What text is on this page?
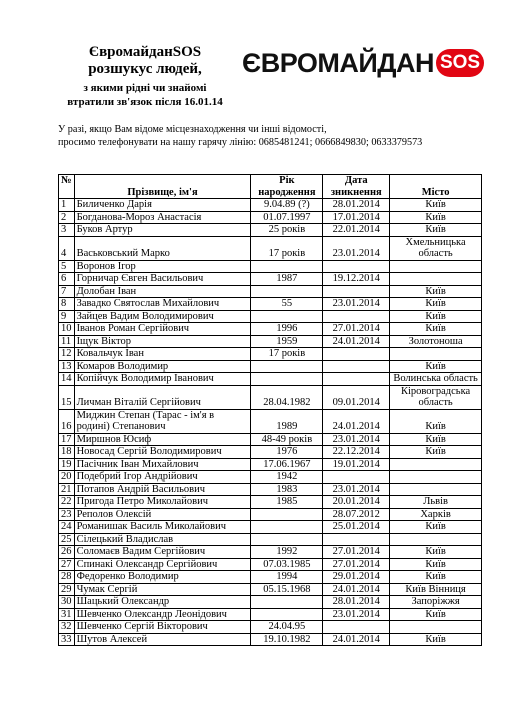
ЄвромайданSOS
розшукус людей,
з якими рідні чи знайомі
втратили зв'язок після 16.01.14
ЄВРОМАЙДАН SOS
У разі, якщо Вам відоме місцезнаходження чи інші відомості,
просимо телефонувати на нашу гарячу лінію: 0685481241; 0666849830; 0633379573
№	Прізвище, ім'я	Рік народження	Дата зникнення	Місто
1	Биличенко Дарія	9.04.89 (?)	28.01.2014	Київ
2	Богданова-Мороз Анастасія	01.07.1997	17.01.2014	Київ
3	Буков Артур	25 років	22.01.2014	Київ
4	Васьковський Марко	17 років	23.01.2014	Хмельницька область
5	Воронов Ігор			
6	Горничар Євген Васильович	1987	19.12.2014	
7	Долобан Іван			Київ
8	Завадко Святослав Михайлович	55	23.01.2014	Київ
9	Зайцев Вадим Володимирович			Київ
10	Іванов Роман Сергійович	1996	27.01.2014	Київ
11	Іщук Віктор	1959	24.01.2014	Золотоноша
12	Ковальчук Іван	17 років		
13	Комаров Володимир			Київ
14	Копійчук Володимир Іванович			Волинська область
15	Личман Віталій Сергійович	28.04.1982	09.01.2014	Кіровоградська область
16	Миджин Степан (Тарас - ім'я в родині) Степанович	1989	24.01.2014	Київ
17	Миршнов Юсиф	48-49 років	23.01.2014	Київ
18	Новосад Сергій Володимирович	1976	22.12.2014	Київ
19	Пасічник Іван Михайлович	17.06.1967	19.01.2014	
20	Подебрий Ігор Андрійович	1942		
21	Потапов Андрій Васильович	1983	23.01.2014	
22	Пригода Петро Миколайович	1985	20.01.2014	Львів
23	Реполов Олексій		28.07.2012	Харків
24	Романишак Василь Миколайович		25.01.2014	Київ
25	Сілецький Владислав			
26	Соломаєв Вадим Сергійович	1992	27.01.2014	Київ
27	Спинакі Олександр Сергійович	07.03.1985	27.01.2014	Київ
28	Федоренко Володимир	1994	29.01.2014	Київ
29	Чумак Сергій	05.15.1968	24.01.2014	Київ Вінниця
30	Шацький Олександр		28.01.2014	Запоріжжя
31	Шевченко Олександр Леонідович		23.01.2014	Київ
32	Шевченко Сергій Вікторович	24.04.95		
33	Шутов Алексей	19.10.1982	24.01.2014	Київ
